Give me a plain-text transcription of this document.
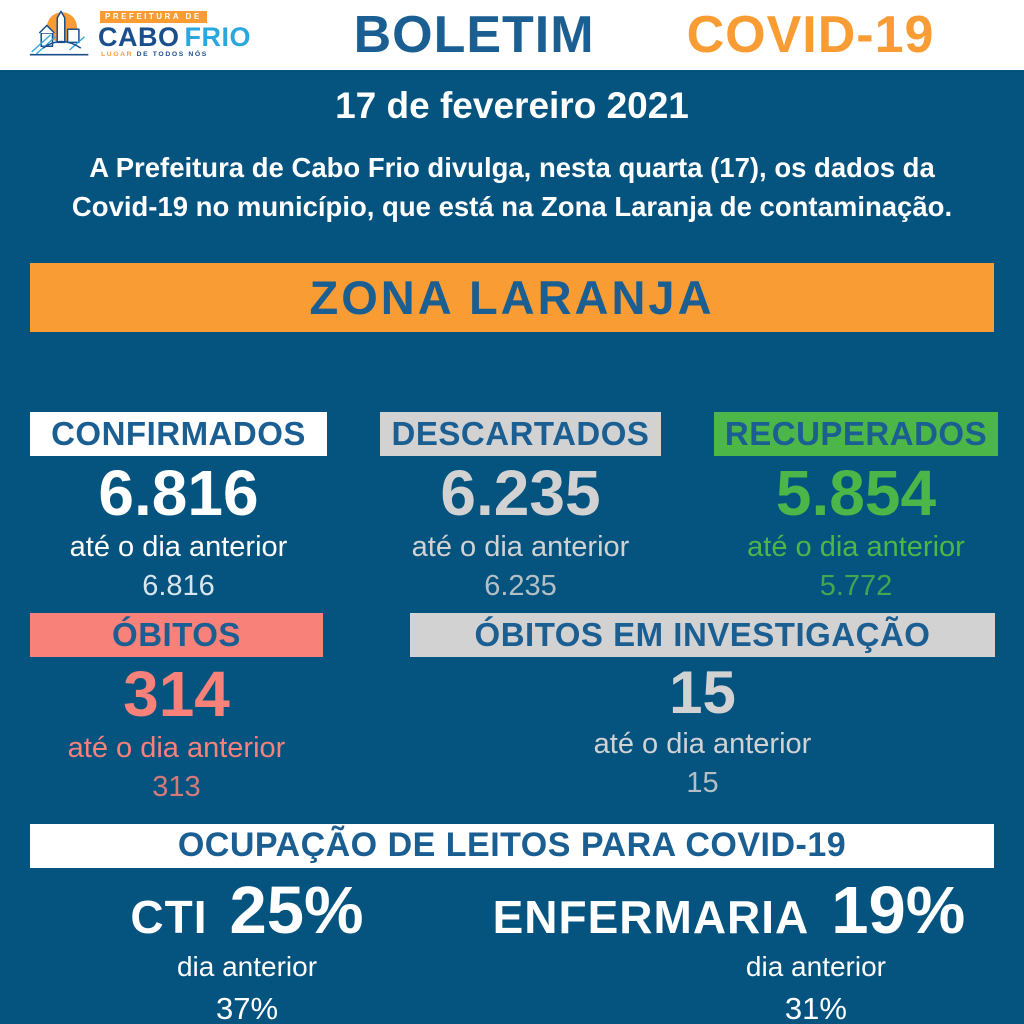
PREFEITURA DE
CABO FRIO
LUGAR DE TODOS NÓS	BOLETIM COVID-19
17 de fevereiro 2021
A Prefeitura de Cabo Frio divulga, nesta quarta (17), os dados da
Covid-19 no município, que está na Zona Laranja de contaminação.
ZONA LARANJA
CONFIRMADOS
6.816
até o dia anterior
6.816
DESCARTADOS
6.235
até o dia anterior
6.235
RECUPERADOS
5.854
até o dia anterior
5.772
ÓBITOS
314
até o dia anterior
313
ÓBITOS EM INVESTIGAÇÃO
15
até o dia anterior
15
OCUPAÇÃO DE LEITOS PARA COVID-19
CTI 25%
dia anterior
37%
ENFERMARIA 19%
dia anterior
31%
